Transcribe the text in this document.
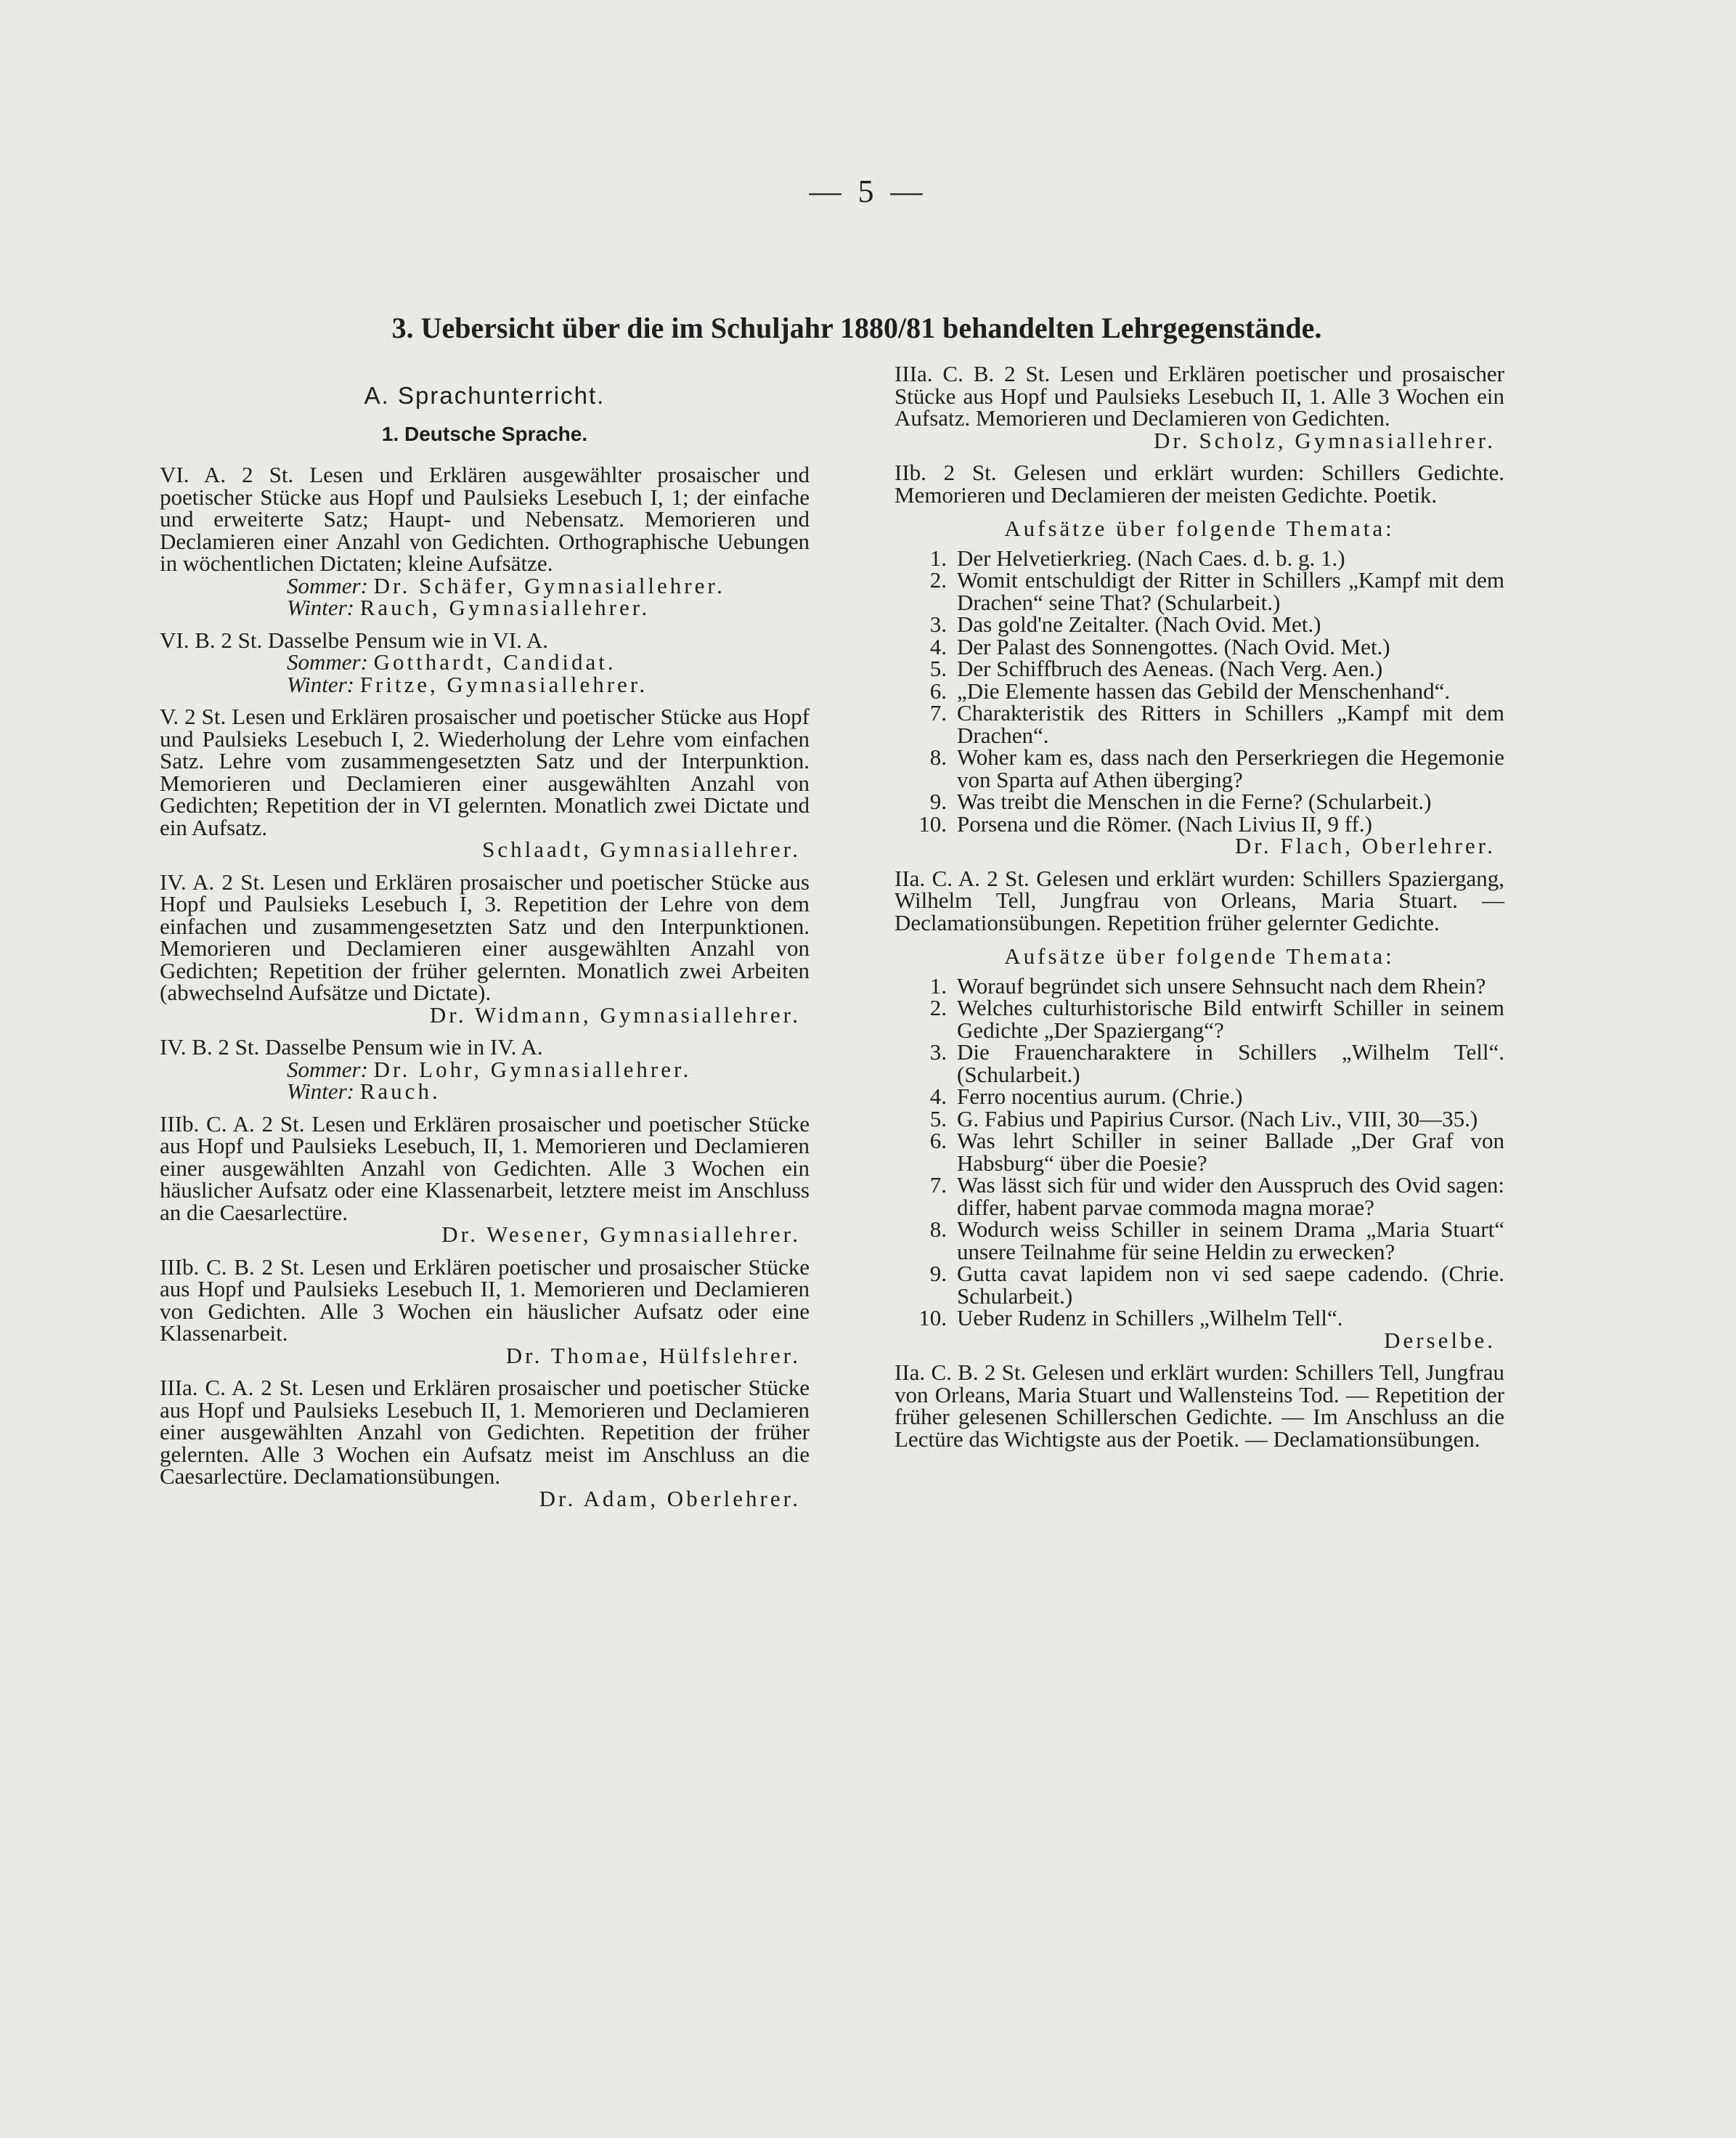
— 5 —
3. Uebersicht über die im Schuljahr 1880/81 behandelten Lehrgegenstände.
A. Sprachunterricht.
1. Deutsche Sprache.

VI. A. 2 St. Lesen und Erklären ausgewählter prosaischer und poetischer Stücke aus Hopf und Paulsieks Lesebuch I, 1; der einfache und erweiterte Satz; Haupt- und Nebensatz. Memorieren und Declamieren einer Anzahl von Gedichten. Orthographische Uebungen in wöchentlichen Dictaten; kleine Aufsätze.

Sommer: Dr. Schäfer, Gymnasiallehrer.

Winter: Rauch, Gymnasiallehrer.

VI. B. 2 St. Dasselbe Pensum wie in VI. A.

Sommer: Gotthardt, Candidat.

Winter: Fritze, Gymnasiallehrer.

V. 2 St. Lesen und Erklären prosaischer und poetischer Stücke aus Hopf und Paulsieks Lesebuch I, 2. Wiederholung der Lehre vom einfachen Satz. Lehre vom zusammengesetzten Satz und der Interpunktion. Memorieren und Declamieren einer ausgewählten Anzahl von Gedichten; Repetition der in VI gelernten. Monatlich zwei Dictate und ein Aufsatz.

Schlaadt, Gymnasiallehrer.

IV. A. 2 St. Lesen und Erklären prosaischer und poetischer Stücke aus Hopf und Paulsieks Lesebuch I, 3. Repetition der Lehre von dem einfachen und zusammengesetzten Satz und den Interpunktionen. Memorieren und Declamieren einer ausgewählten Anzahl von Gedichten; Repetition der früher gelernten. Monatlich zwei Arbeiten (abwechselnd Aufsätze und Dictate).

Dr. Widmann, Gymnasiallehrer.

IV. B. 2 St. Dasselbe Pensum wie in IV. A.

Sommer: Dr. Lohr, Gymnasiallehrer.

Winter: Rauch.

IIIb. C. A. 2 St. Lesen und Erklären prosaischer und poetischer Stücke aus Hopf und Paulsieks Lesebuch, II, 1. Memorieren und Declamieren einer ausgewählten Anzahl von Gedichten. Alle 3 Wochen ein häuslicher Aufsatz oder eine Klassenarbeit, letztere meist im Anschluss an die Caesarlectüre.

Dr. Wesener, Gymnasiallehrer.

IIIb. C. B. 2 St. Lesen und Erklären poetischer und prosaischer Stücke aus Hopf und Paulsieks Lesebuch II, 1. Memorieren und Declamieren von Gedichten. Alle 3 Wochen ein häuslicher Aufsatz oder eine Klassenarbeit.

Dr. Thomae, Hülfslehrer.

IIIa. C. A. 2 St. Lesen und Erklären prosaischer und poetischer Stücke aus Hopf und Paulsieks Lesebuch II, 1. Memorieren und Declamieren einer ausgewählten Anzahl von Gedichten. Repetition der früher gelernten. Alle 3 Wochen ein Aufsatz meist im Anschluss an die Caesarlectüre. Declamationsübungen.

Dr. Adam, Oberlehrer.

IIIa. C. B. 2 St. Lesen und Erklären poetischer und prosaischer Stücke aus Hopf und Paulsieks Lesebuch II, 1. Alle 3 Wochen ein Aufsatz. Memorieren und Declamieren von Gedichten.

Dr. Scholz, Gymnasiallehrer.

IIb. 2 St. Gelesen und erklärt wurden: Schillers Gedichte. Memorieren und Declamieren der meisten Gedichte. Poetik.

Aufsätze über folgende Themata:

1. Der Helvetierkrieg. (Nach Caes. d. b. g. 1.)
2. Womit entschuldigt der Ritter in Schillers „Kampf mit dem Drachen“ seine That? (Schularbeit.)
3. Das gold'ne Zeitalter. (Nach Ovid. Met.)
4. Der Palast des Sonnengottes. (Nach Ovid. Met.)
5. Der Schiffbruch des Aeneas. (Nach Verg. Aen.)
6. „Die Elemente hassen das Gebild der Menschenhand“.
7. Charakteristik des Ritters in Schillers „Kampf mit dem Drachen“.
8. Woher kam es, dass nach den Perserkriegen die Hegemonie von Sparta auf Athen überging?
9. Was treibt die Menschen in die Ferne? (Schularbeit.)
10. Porsena und die Römer. (Nach Livius II, 9 ff.)

Dr. Flach, Oberlehrer.

IIa. C. A. 2 St. Gelesen und erklärt wurden: Schillers Spaziergang, Wilhelm Tell, Jungfrau von Orleans, Maria Stuart. — Declamationsübungen. Repetition früher gelernter Gedichte.

Aufsätze über folgende Themata:

1. Worauf begründet sich unsere Sehnsucht nach dem Rhein?
2. Welches culturhistorische Bild entwirft Schiller in seinem Gedichte „Der Spaziergang“?
3. Die Frauencharaktere in Schillers „Wilhelm Tell“. (Schularbeit.)
4. Ferro nocentius aurum. (Chrie.)
5. G. Fabius und Papirius Cursor. (Nach Liv., VIII, 30—35.)
6. Was lehrt Schiller in seiner Ballade „Der Graf von Habsburg“ über die Poesie?
7. Was lässt sich für und wider den Ausspruch des Ovid sagen: differ, habent parvae commoda magna morae?
8. Wodurch weiss Schiller in seinem Drama „Maria Stuart“ unsere Teilnahme für seine Heldin zu erwecken?
9. Gutta cavat lapidem non vi sed saepe cadendo. (Chrie. Schularbeit.)
10. Ueber Rudenz in Schillers „Wilhelm Tell“.

Derselbe.

IIa. C. B. 2 St. Gelesen und erklärt wurden: Schillers Tell, Jungfrau von Orleans, Maria Stuart und Wallensteins Tod. — Repetition der früher gelesenen Schillerschen Gedichte. — Im Anschluss an die Lectüre das Wichtigste aus der Poetik. — Declamationsübungen.
